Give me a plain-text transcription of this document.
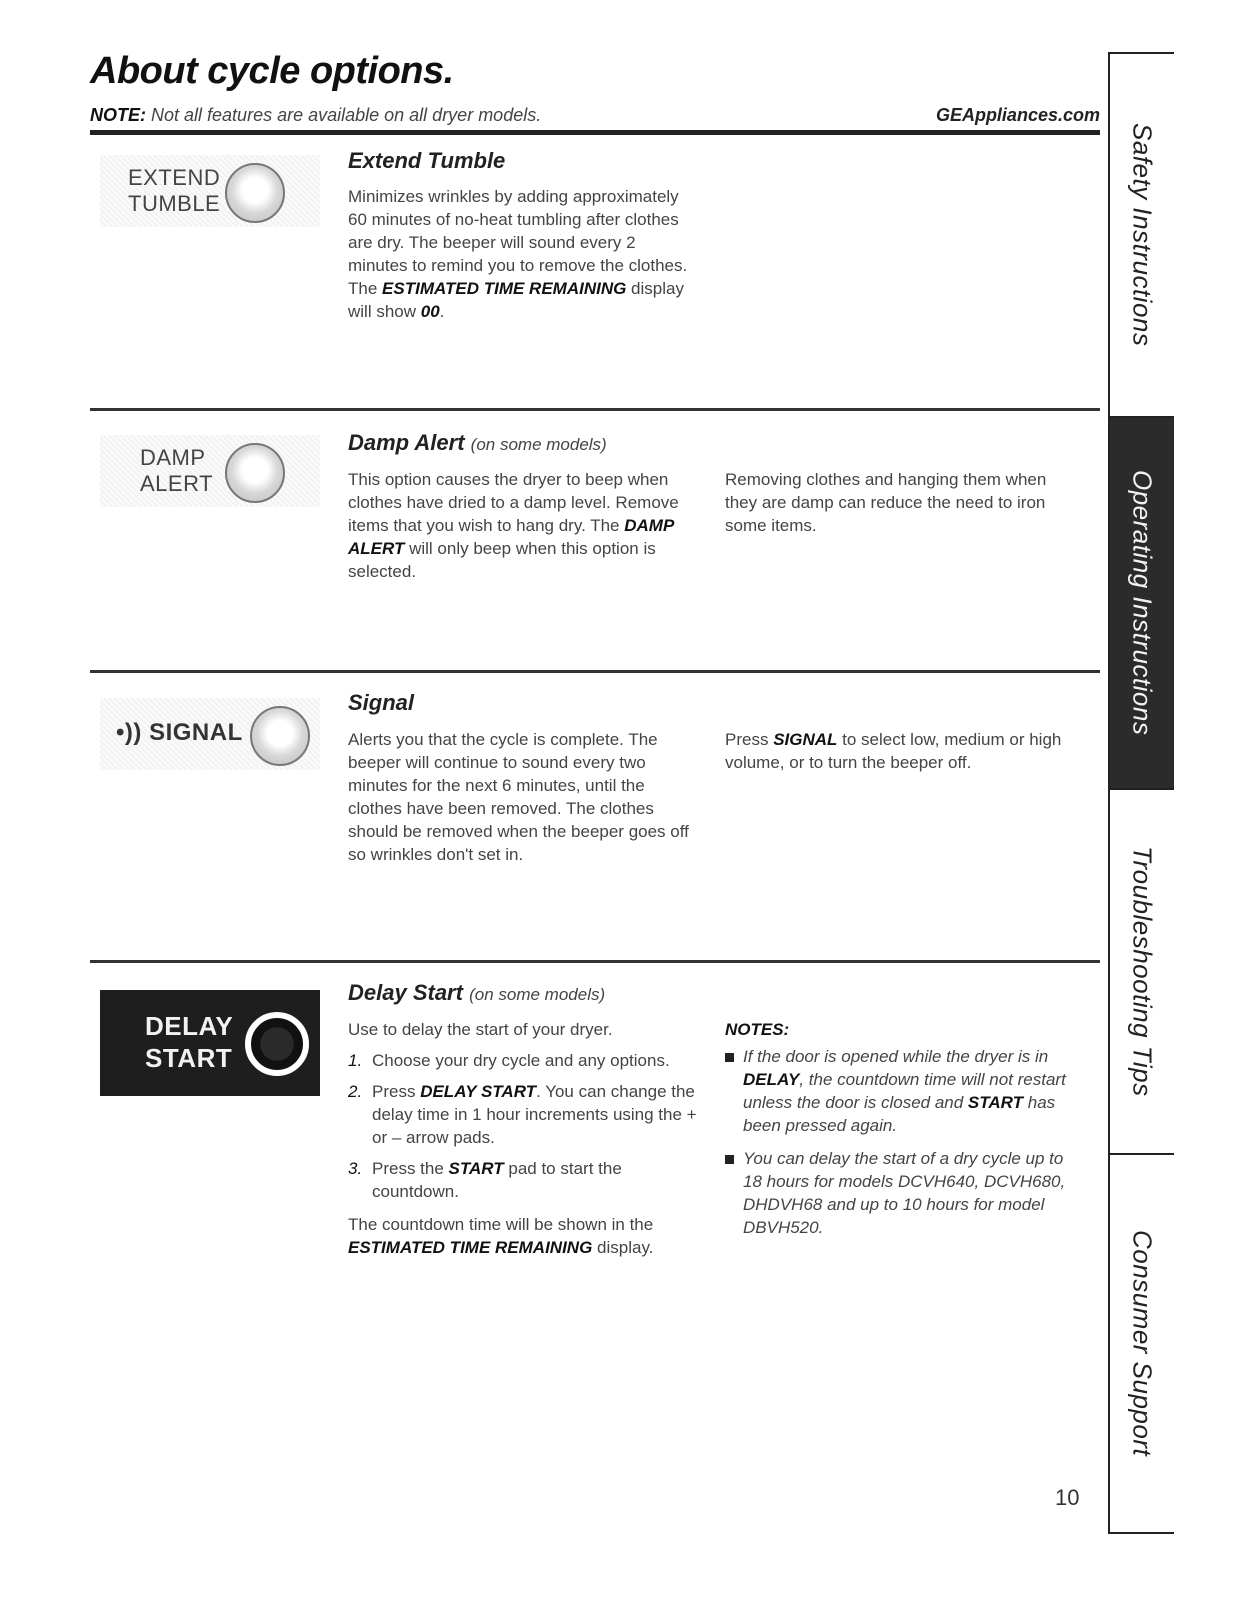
About cycle options.
NOTE: Not all features are available on all dryer models.	GEAppliances.com
EXTEND
TUMBLE
Extend Tumble
Minimizes wrinkles by adding approximately 60 minutes of no-heat tumbling after clothes are dry. The beeper will sound every 2 minutes to remind you to remove the clothes. The ESTIMATED TIME REMAINING display will show 00.
DAMP
ALERT
Damp Alert (on some models)
This option causes the dryer to beep when clothes have dried to a damp level. Remove items that you wish to hang dry. The DAMP ALERT will only beep when this option is selected.
Removing clothes and hanging them when they are damp can reduce the need to iron some items.
•)) SIGNAL
Signal
Alerts you that the cycle is complete. The beeper will continue to sound every two minutes for the next 6 minutes, until the clothes have been removed. The clothes should be removed when the beeper goes off so wrinkles don't set in.
Press SIGNAL to select low, medium or high volume, or to turn the beeper off.
DELAY
START
Delay Start (on some models)
Use to delay the start of your dryer.
1. Choose your dry cycle and any options.
2. Press DELAY START. You can change the delay time in 1 hour increments using the + or – arrow pads.
3. Press the START pad to start the countdown.
The countdown time will be shown in the ESTIMATED TIME REMAINING display.
NOTES:
If the door is opened while the dryer is in DELAY, the countdown time will not restart unless the door is closed and START has been pressed again.
You can delay the start of a dry cycle up to 18 hours for models DCVH640, DCVH680, DHDVH68 and up to 10 hours for model DBVH520.
Safety Instructions
Operating Instructions
Troubleshooting Tips
Consumer Support
10
